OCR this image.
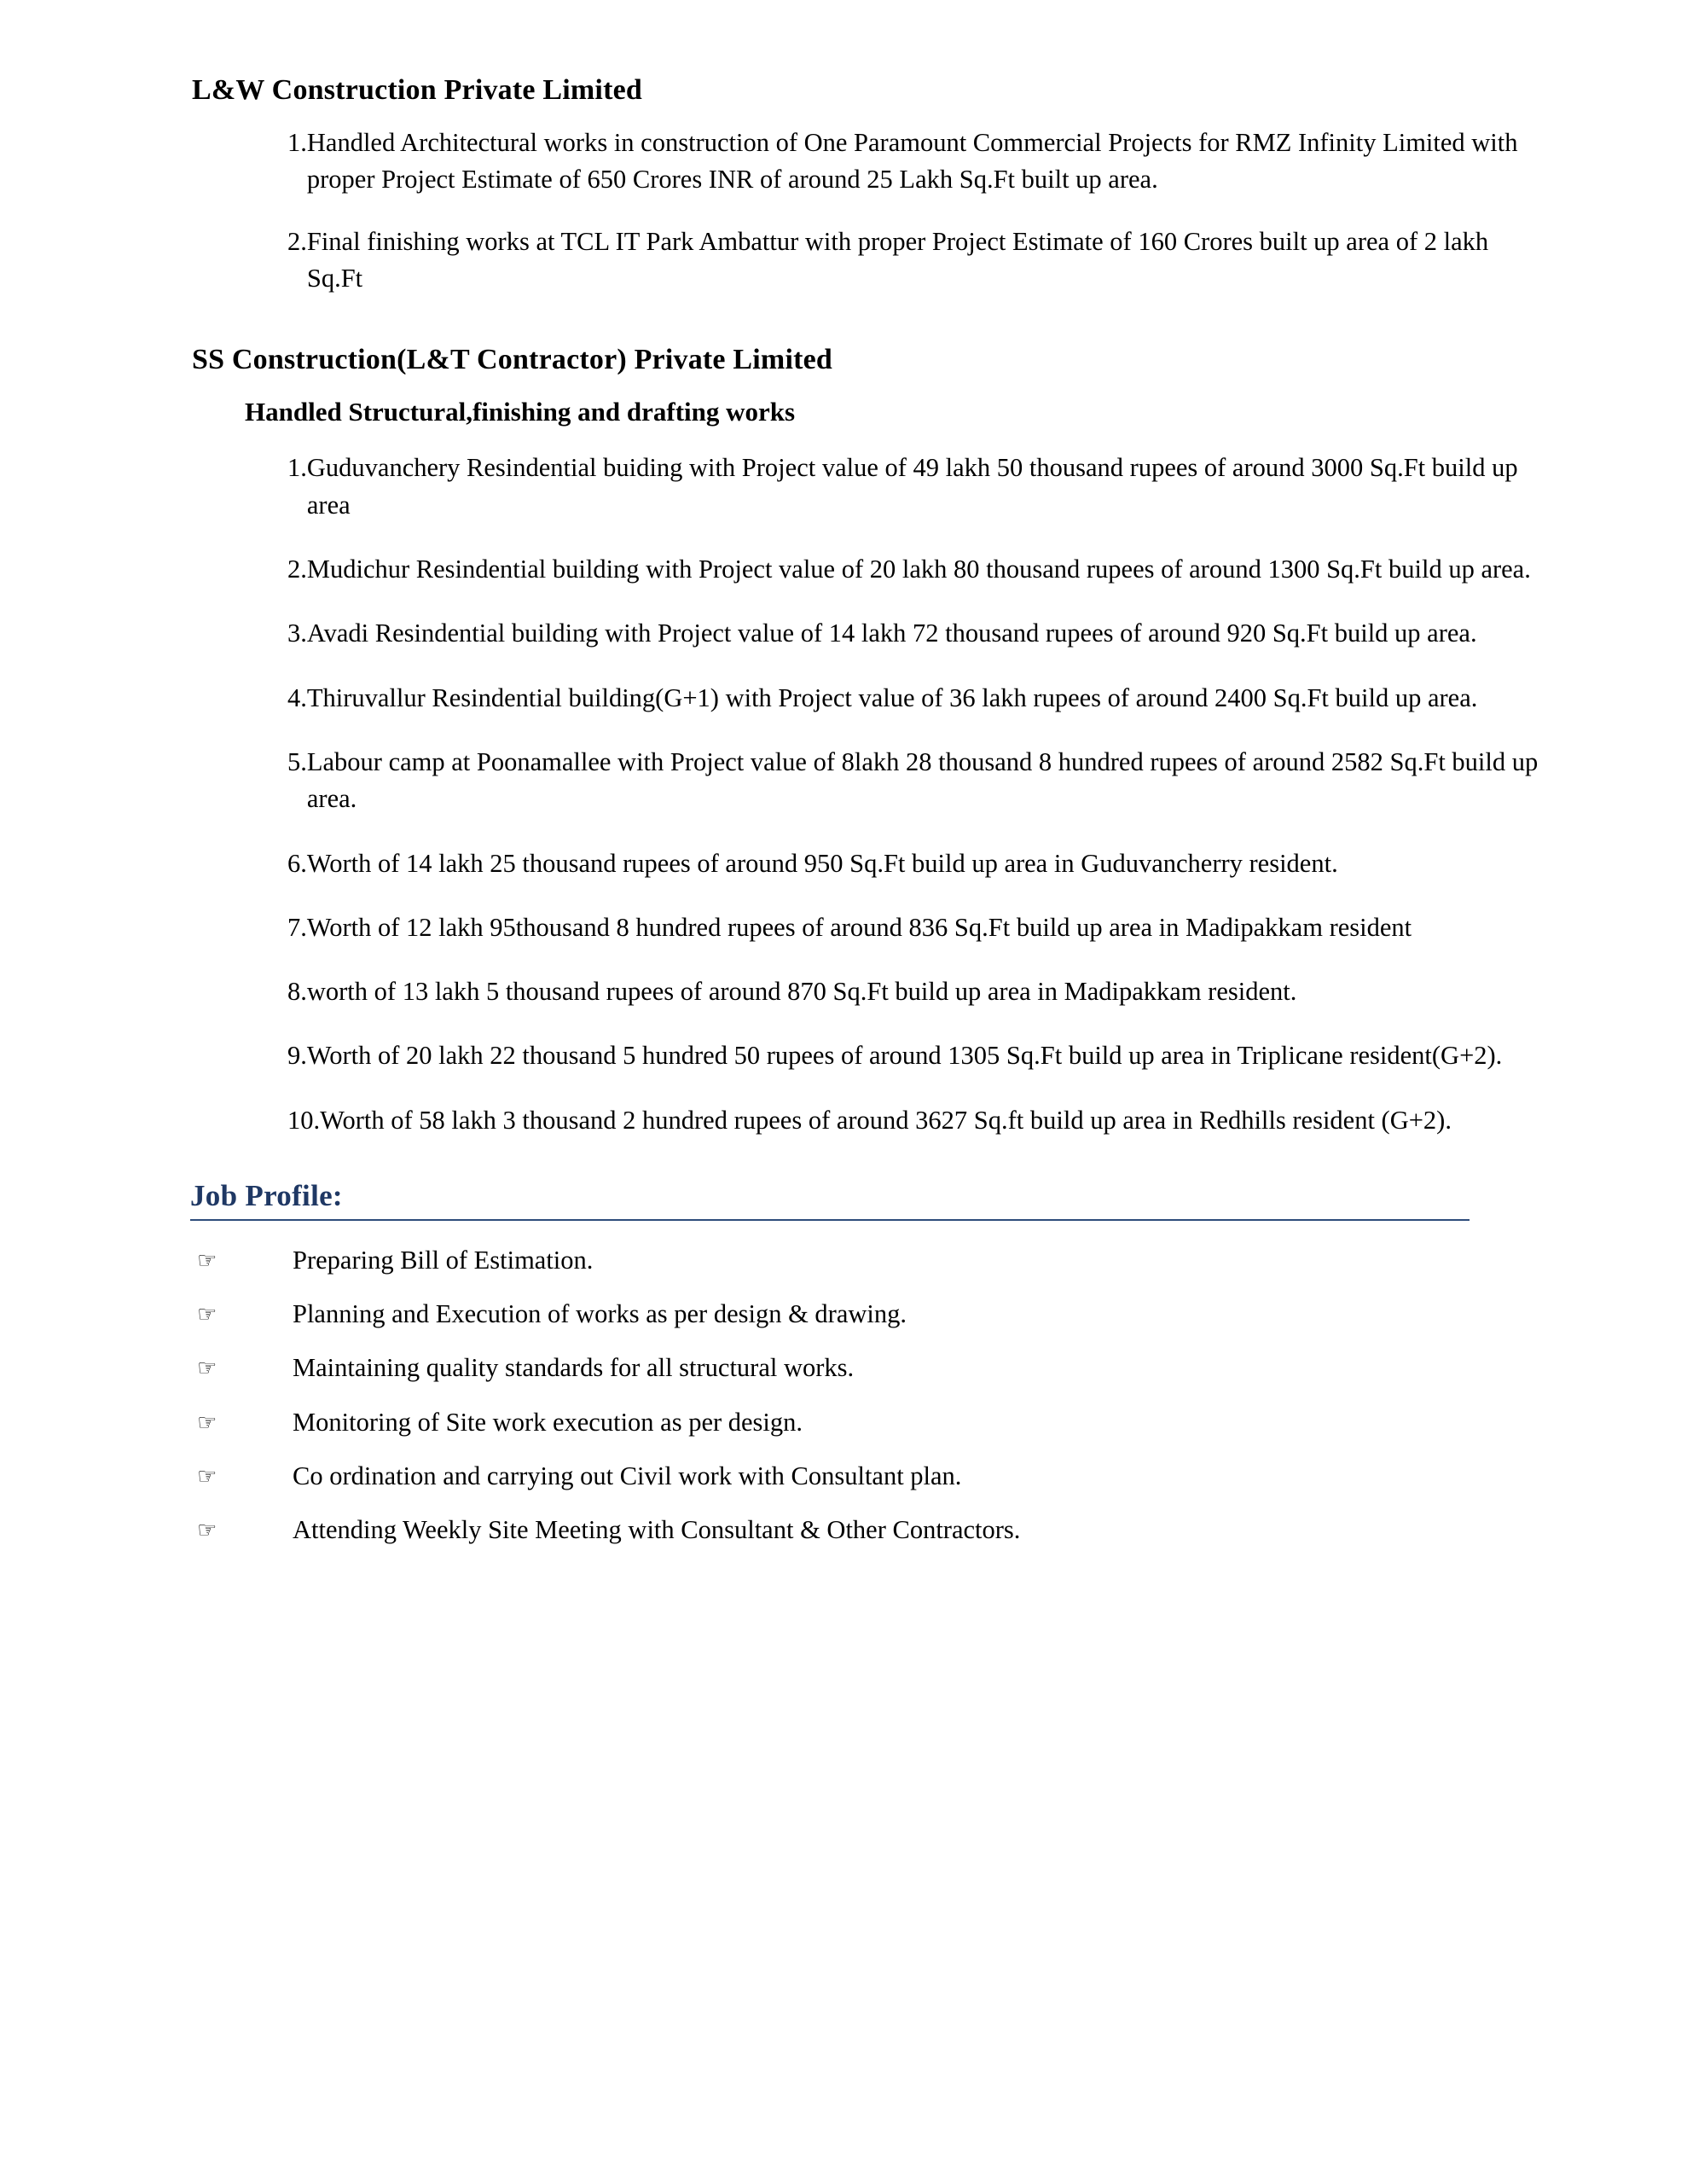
L&W Construction Private Limited
1. Handled Architectural works in construction of One Paramount Commercial Projects for RMZ Infinity Limited with proper Project Estimate of 650 Crores INR of around 25 Lakh Sq.Ft built up area.
2. Final finishing works at TCL IT Park Ambattur with proper Project Estimate of 160 Crores built up area of 2 lakh Sq.Ft
SS Construction(L&T Contractor) Private Limited
Handled Structural,finishing and drafting works
1. Guduvanchery Resindential buiding with Project value of 49 lakh 50 thousand rupees of around 3000 Sq.Ft build up area
2. Mudichur Resindential building with Project value of 20 lakh 80 thousand rupees of around 1300 Sq.Ft build up area.
3. Avadi Resindential building with Project value of 14 lakh 72 thousand rupees of around 920 Sq.Ft build up area.
4. Thiruvallur Resindential building(G+1) with Project value of 36 lakh rupees of around 2400 Sq.Ft build up area.
5. Labour camp at Poonamallee with Project value of 8lakh 28 thousand 8 hundred rupees of around 2582 Sq.Ft build up area.
6. Worth of 14 lakh 25 thousand rupees of around 950 Sq.Ft build up area in Guduvancherry resident.
7. Worth of 12 lakh 95thousand 8 hundred rupees of around 836 Sq.Ft build up area in Madipakkam resident
8. worth of 13 lakh 5 thousand rupees of around 870 Sq.Ft build up area in Madipakkam resident.
9. Worth of 20 lakh 22 thousand 5 hundred 50 rupees of around 1305 Sq.Ft build up area in Triplicane resident(G+2).
10. Worth of 58 lakh 3 thousand 2 hundred rupees of around 3627 Sq.ft build up area in Redhills resident (G+2).
Job Profile:
☞	Preparing Bill of Estimation.
☞	Planning and Execution of works as per design & drawing.
☞	Maintaining quality standards for all structural works.
☞	Monitoring of Site work execution as per design.
☞	Co ordination and carrying out Civil work with Consultant plan.
☞	Attending Weekly Site Meeting with Consultant & Other Contractors.
